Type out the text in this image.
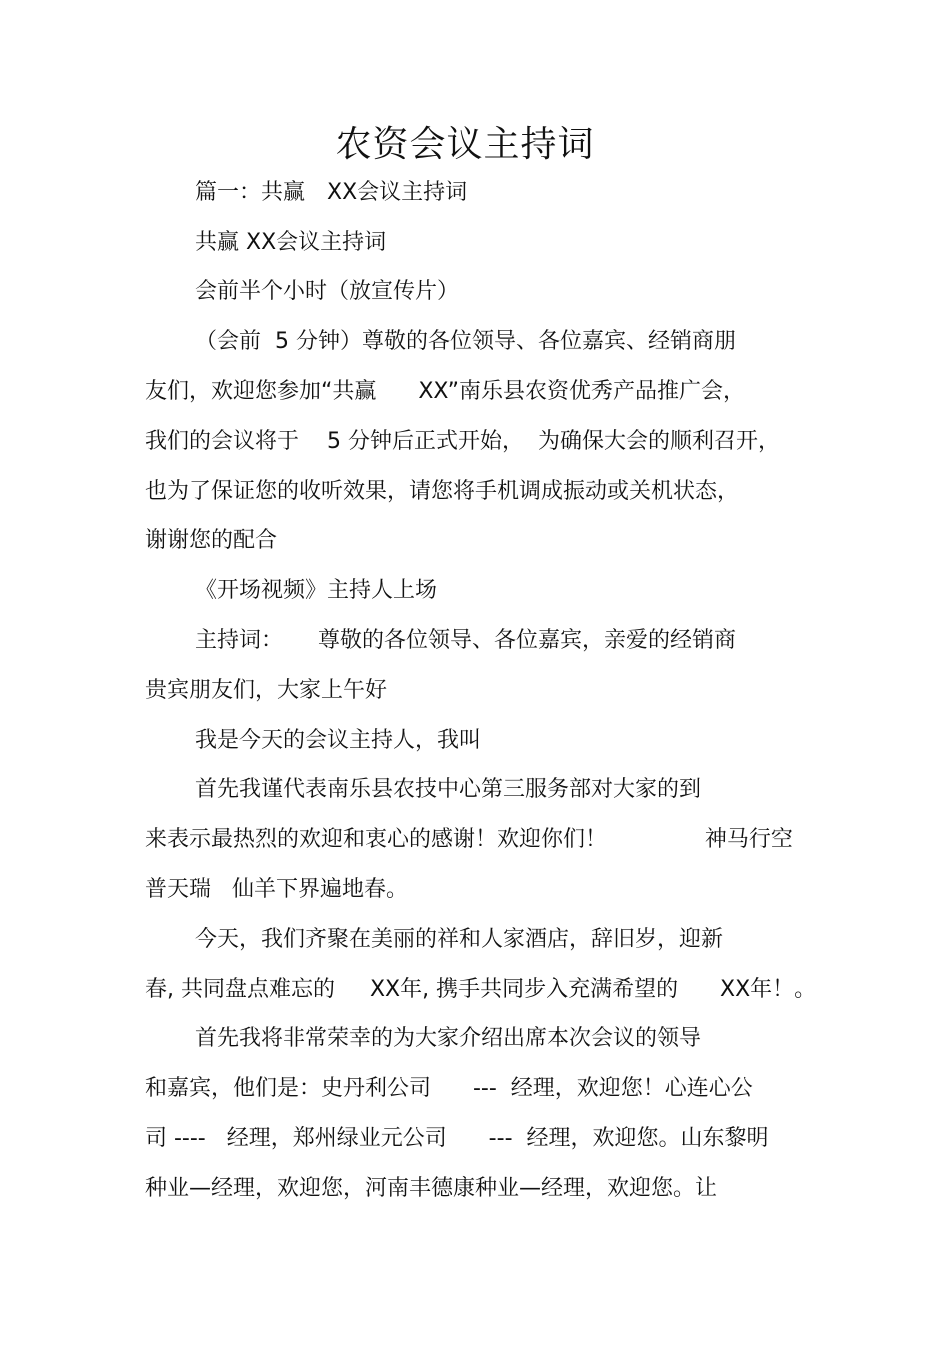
农资会议主持词
篇一：共赢　XX会议主持词
共赢 XX会议主持词
会前半个小时（放宣传片）
（会前  5 分钟）尊敬的各位领导、各位嘉宾、经销商朋
友们，欢迎您参加“共赢      XX”南乐县农资优秀产品推广会，
我们的会议将于    5 分钟后正式开始，  为确保大会的顺利召开，
也为了保证您的收听效果，请您将手机调成振动或关机状态，
谢谢您的配合
《开场视频》主持人上场
主持词：     尊敬的各位领导、各位嘉宾，亲爱的经销商
贵宾朋友们，大家上午好
我是今天的会议主持人，我叫
首先我谨代表南乐县农技中心第三服务部对大家的到
来表示最热烈的欢迎和衷心的感谢！欢迎你们！              神马行空
普天瑞   仙羊下界遍地春。
今天，我们齐聚在美丽的祥和人家酒店，辞旧岁，迎新
春, 共同盘点难忘的     XX年, 携手共同步入充满希望的      XX年！。
首先我将非常荣幸的为大家介绍出席本次会议的领导
和嘉宾，他们是：史丹利公司      ---  经理，欢迎您！心连心公
司 ----   经理，郑州绿业元公司      ---  经理，欢迎您。山东黎明
种业—经理，欢迎您，河南丰德康种业—经理，欢迎您。让
